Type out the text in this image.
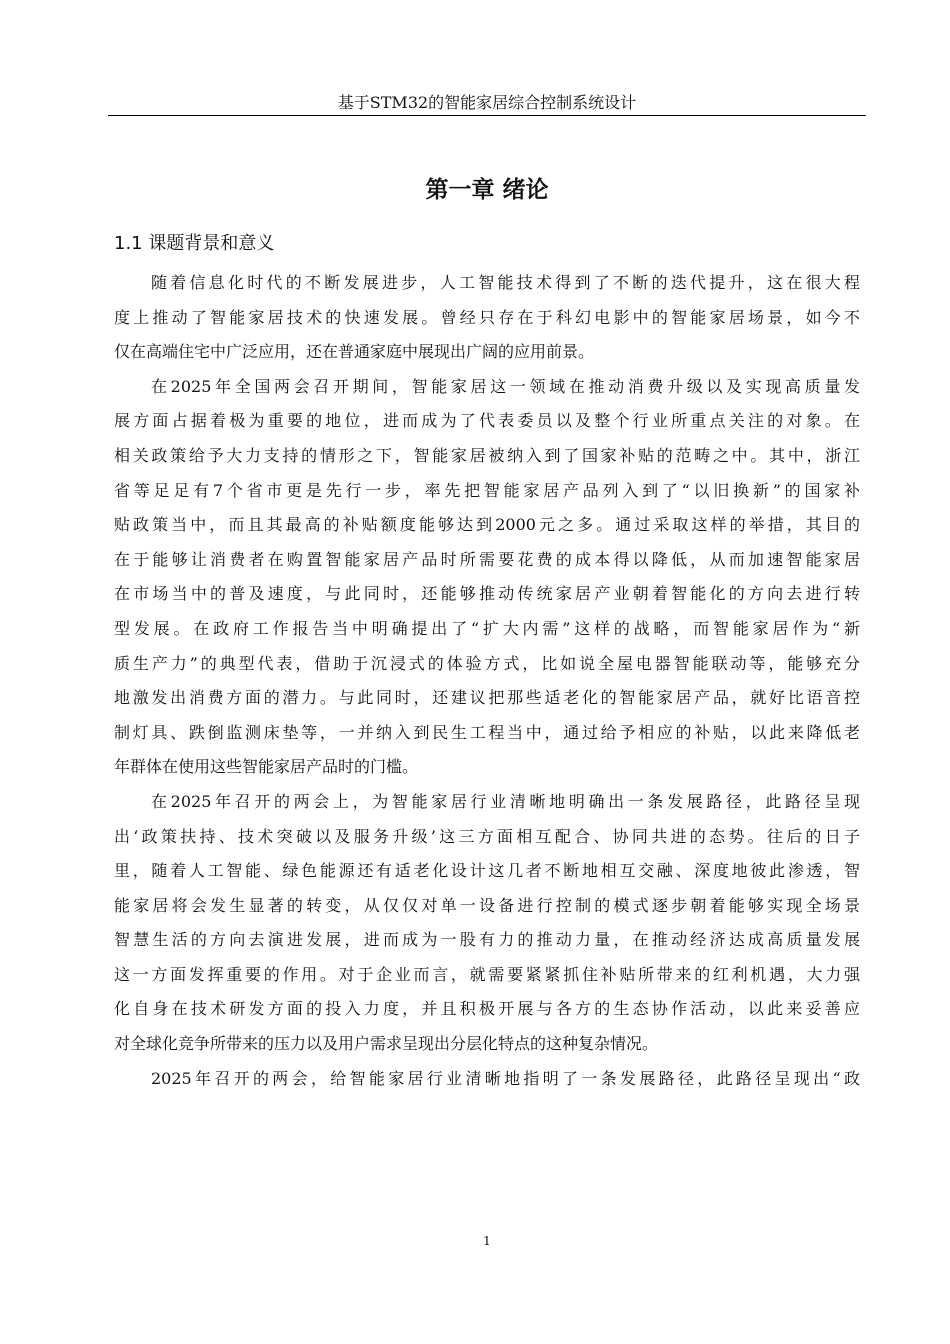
基于STM32的智能家居综合控制系统设计
第一章 绪论
1.1 课题背景和意义
随着信息化时代的不断发展进步，人工智能技术得到了不断的迭代提升，这在很大程
度上推动了智能家居技术的快速发展。曾经只存在于科幻电影中的智能家居场景，如今不
仅在高端住宅中广泛应用，还在普通家庭中展现出广阔的应用前景。
在2025年全国两会召开期间，智能家居这一领域在推动消费升级以及实现高质量发
展方面占据着极为重要的地位，进而成为了代表委员以及整个行业所重点关注的对象。在
相关政策给予大力支持的情形之下，智能家居被纳入到了国家补贴的范畴之中。其中，浙江
省等足足有7个省市更是先行一步，率先把智能家居产品列入到了“以旧换新”的国家补
贴政策当中，而且其最高的补贴额度能够达到2000元之多。通过采取这样的举措，其目的
在于能够让消费者在购置智能家居产品时所需要花费的成本得以降低，从而加速智能家居
在市场当中的普及速度，与此同时，还能够推动传统家居产业朝着智能化的方向去进行转
型发展。在政府工作报告当中明确提出了“扩大内需”这样的战略，而智能家居作为“新
质生产力”的典型代表，借助于沉浸式的体验方式，比如说全屋电器智能联动等，能够充分
地激发出消费方面的潜力。与此同时，还建议把那些适老化的智能家居产品，就好比语音控
制灯具、跌倒监测床垫等，一并纳入到民生工程当中，通过给予相应的补贴，以此来降低老
年群体在使用这些智能家居产品时的门槛。
在2025年召开的两会上，为智能家居行业清晰地明确出一条发展路径，此路径呈现
出‘政策扶持、技术突破以及服务升级’这三方面相互配合、协同共进的态势。往后的日子
里，随着人工智能、绿色能源还有适老化设计这几者不断地相互交融、深度地彼此渗透，智
能家居将会发生显著的转变，从仅仅对单一设备进行控制的模式逐步朝着能够实现全场景
智慧生活的方向去演进发展，进而成为一股有力的推动力量，在推动经济达成高质量发展
这一方面发挥重要的作用。对于企业而言，就需要紧紧抓住补贴所带来的红利机遇，大力强
化自身在技术研发方面的投入力度，并且积极开展与各方的生态协作活动，以此来妥善应
对全球化竞争所带来的压力以及用户需求呈现出分层化特点的这种复杂情况。
2025年召开的两会，给智能家居行业清晰地指明了一条发展路径，此路径呈现出“政
1
